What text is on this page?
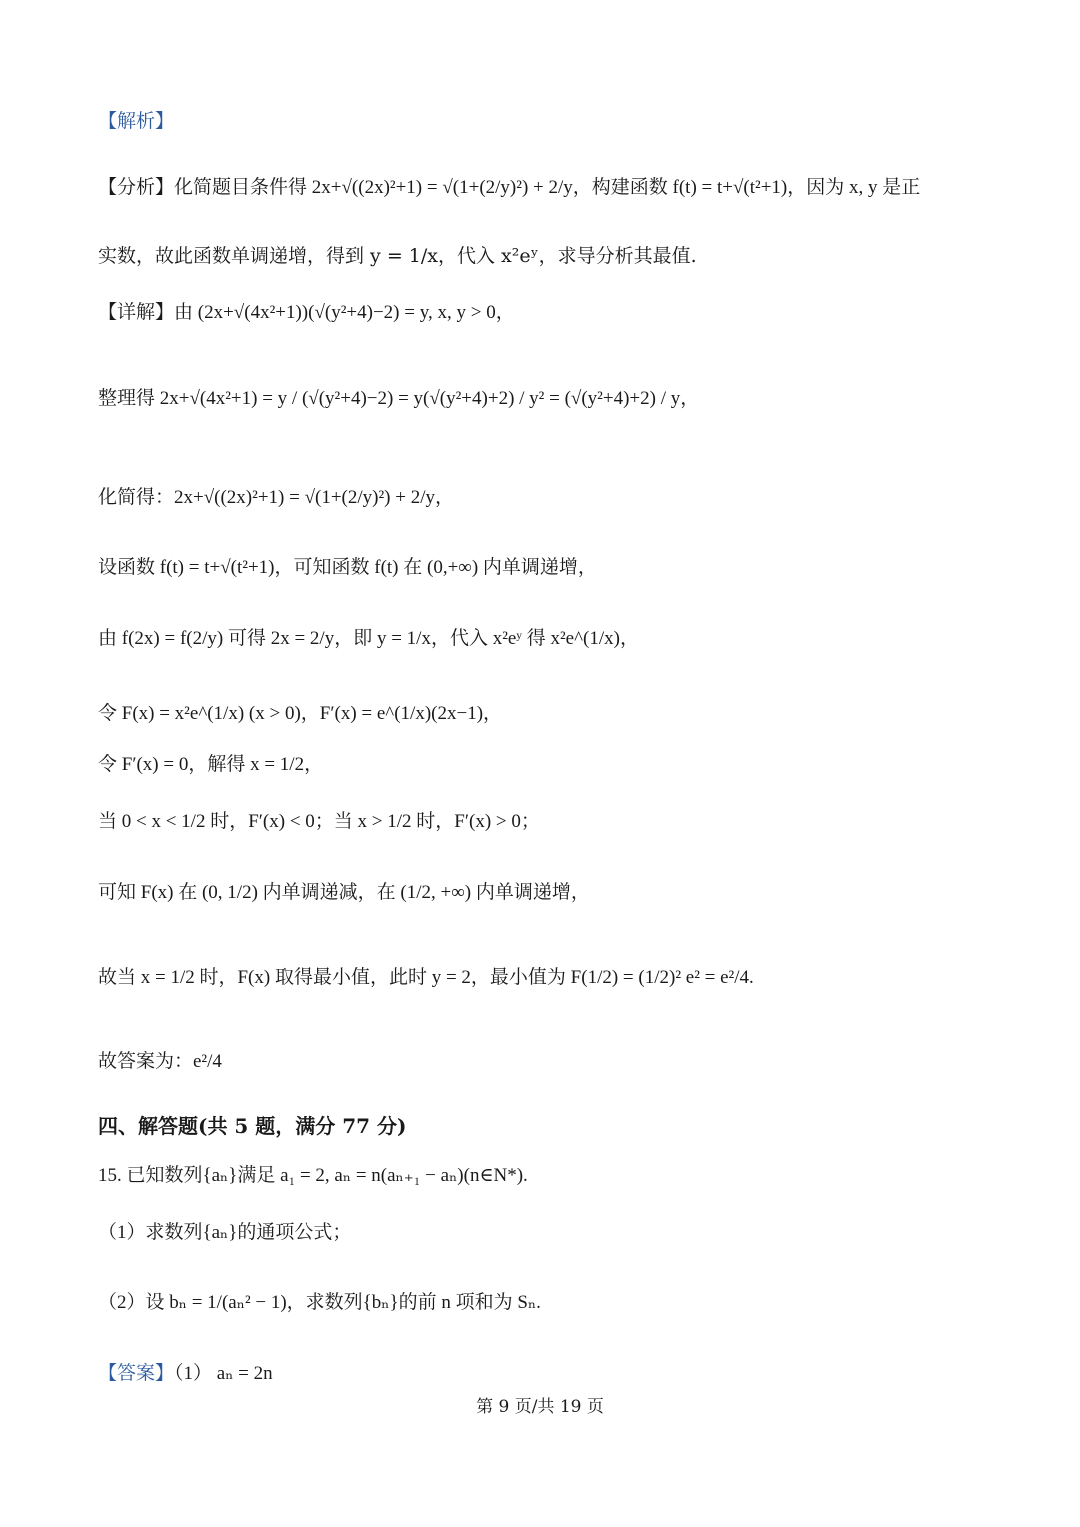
【解析】
【分析】化简题目条件得 2x+√((2x)²+1) = √(1+(2/y)²) + 2/y，构建函数 f(t) = t+√(t²+1)，因为 x, y 是正
实数，故此函数单调递增，得到 y = 1/x，代入 x²eʸ，求导分析其最值.
【详解】由 (2x+√(4x²+1))(√(y²+4)−2) = y, x, y > 0，
整理得 2x+√(4x²+1) = y / (√(y²+4)−2) = y(√(y²+4)+2) / y² = (√(y²+4)+2) / y，
化简得：2x+√((2x)²+1) = √(1+(2/y)²) + 2/y，
设函数 f(t) = t+√(t²+1)，可知函数 f(t) 在 (0,+∞) 内单调递增，
由 f(2x) = f(2/y) 可得 2x = 2/y，即 y = 1/x，代入 x²eʸ 得 x²e^(1/x)，
令 F(x) = x²e^(1/x) (x > 0)，F′(x) = e^(1/x)(2x−1)，
令 F′(x) = 0，解得 x = 1/2，
当 0 < x < 1/2 时，F′(x) < 0；当 x > 1/2 时，F′(x) > 0；
可知 F(x) 在 (0, 1/2) 内单调递减，在 (1/2, +∞) 内单调递增，
故当 x = 1/2 时，F(x) 取得最小值，此时 y = 2，最小值为 F(1/2) = (1/2)² e² = e²/4.
故答案为：e²/4
四、解答题(共 5 题，满分 77 分)
15. 已知数列{aₙ}满足 a₁ = 2, aₙ = n(aₙ₊₁ − aₙ)(n∈N*).
（1）求数列{aₙ}的通项公式；
（2）设 bₙ = 1/(aₙ² − 1)，求数列{bₙ}的前 n 项和为 Sₙ.
【答案】（1） aₙ = 2n
第 9 页/共 19 页
